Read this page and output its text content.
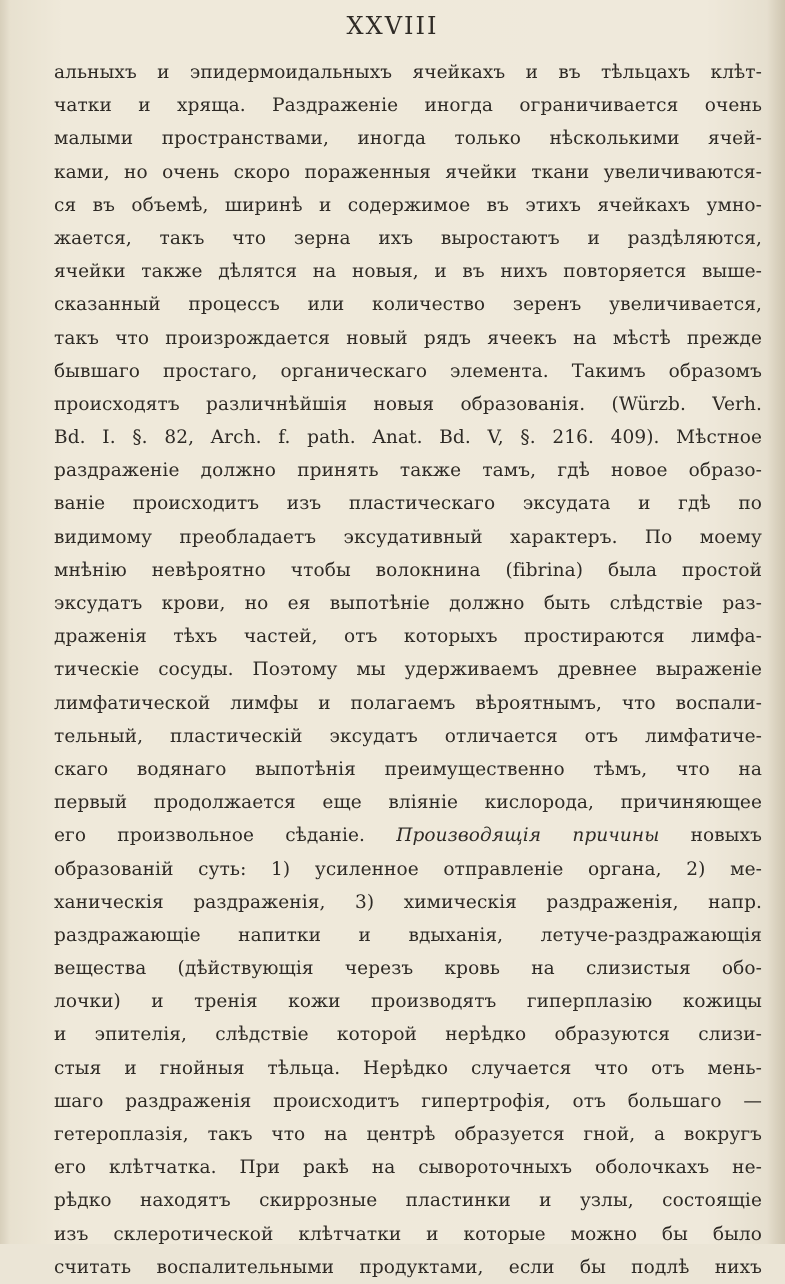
XXVIII
альныхъ и эпидермоидальныхъ ячейкахъ и въ тѣльцахъ клѣт-
чатки и хряща. Раздраженіе иногда ограничивается очень
малыми пространствами, иногда только нѣсколькими ячей-
ками, но очень скоро пораженныя ячейки ткани увеличиваются-
ся въ объемѣ, ширинѣ и содержимое въ этихъ ячейкахъ умно-
жается, такъ что зерна ихъ выростаютъ и раздѣляются,
ячейки также дѣлятся на новыя, и въ нихъ повторяется выше-
сказанный процессъ или количество зеренъ увеличивается,
такъ что произрождается новый рядъ ячеекъ на мѣстѣ прежде
бывшаго простаго, органическаго элемента. Такимъ образомъ
происходятъ различнѣйшія новыя образованія. (Würzb. Verh.
Bd. I. §. 82, Arch. f. path. Anat. Bd. V, §. 216. 409). Мѣстное
раздраженіе должно принять также тамъ, гдѣ новое образо-
ваніе происходитъ изъ пластическаго эксудата и гдѣ по
видимому преобладаетъ эксудативный характеръ. По моему
мнѣнію невѣроятно чтобы волокнина (fibrina) была простой
эксудатъ крови, но ея выпотѣніе должно быть слѣдствіе раз-
драженія тѣхъ частей, отъ которыхъ простираются лимфа-
тическіе сосуды. Поэтому мы удерживаемъ древнее выраженіе
лимфатической лимфы и полагаемъ вѣроятнымъ, что воспали-
тельный, пластическій эксудатъ отличается отъ лимфатиче-
скаго водянаго выпотѣнія преимущественно тѣмъ, что на
первый продолжается еще вліяніе кислорода, причиняющее
его произвольное сѣданіе. Производящія причины новыхъ
образованій суть: 1) усиленное отправленіе органа, 2) ме-
ханическія раздраженія, 3) химическія раздраженія, напр.
раздражающіе напитки и вдыханія, летуче-раздражающія
вещества (дѣйствующія черезъ кровь на слизистыя обо-
лочки) и тренія кожи производятъ гиперплазію кожицы
и эпителія, слѣдствіе которой нерѣдко образуются слизи-
стыя и гнойныя тѣльца. Нерѣдко случается что отъ мень-
шаго раздраженія происходитъ гипертрофія, отъ большаго —
гетероплазія, такъ что на центрѣ образуется гной, а вокругъ
его клѣтчатка. При ракѣ на сывороточныхъ оболочкахъ не-
рѣдко находятъ скиррозные пластинки и узлы, состоящіе
изъ склеротической клѣтчатки и которые можно бы было
считать воспалительными продуктами, если бы подлѣ нихъ
